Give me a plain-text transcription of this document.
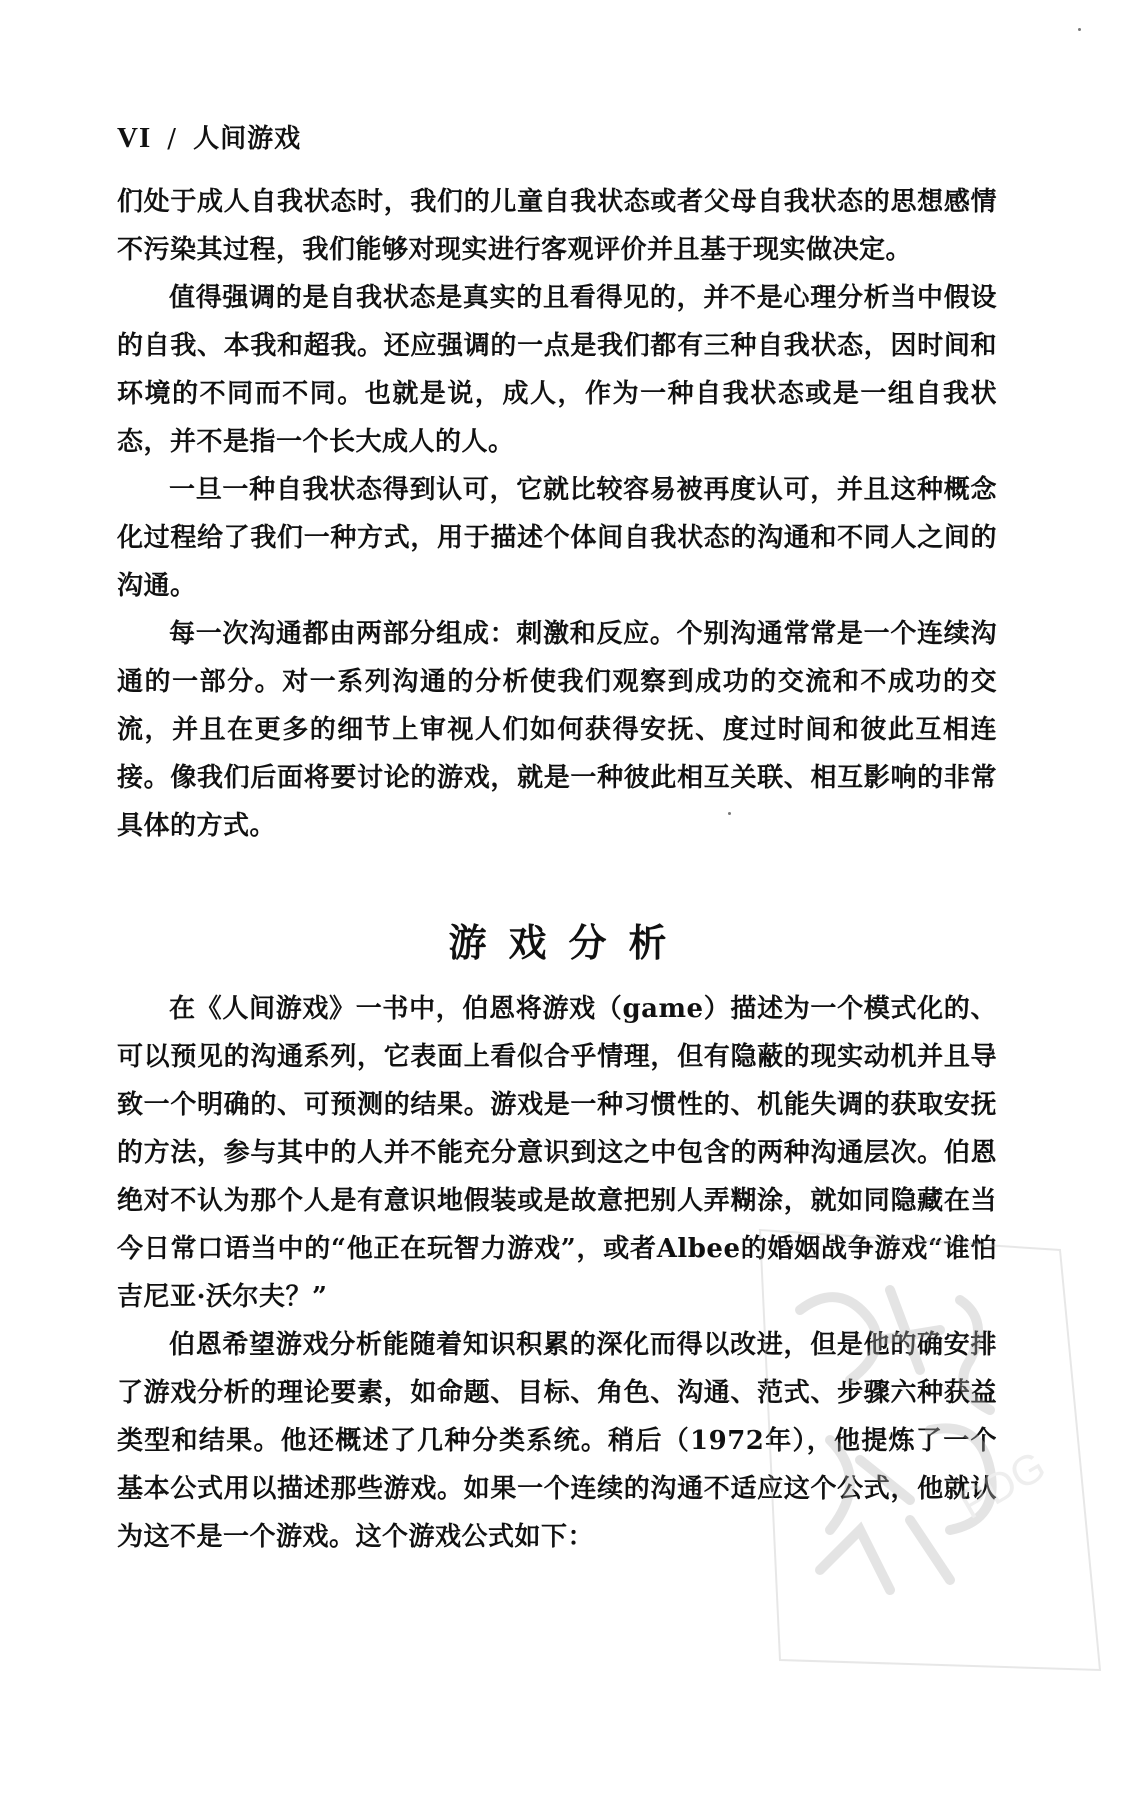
VI / 人间游戏

们处于成人自我状态时，我们的儿童自我状态或者父母自我状态的思想感情不污染其过程，我们能够对现实进行客观评价并且基于现实做决定。

值得强调的是自我状态是真实的且看得见的，并不是心理分析当中假设的自我、本我和超我。还应强调的一点是我们都有三种自我状态，因时间和环境的不同而不同。也就是说，成人，作为一种自我状态或是一组自我状态，并不是指一个长大成人的人。

一旦一种自我状态得到认可，它就比较容易被再度认可，并且这种概念化过程给了我们一种方式，用于描述个体间自我状态的沟通和不同人之间的沟通。

每一次沟通都由两部分组成：刺激和反应。个别沟通常常是一个连续沟通的一部分。对一系列沟通的分析使我们观察到成功的交流和不成功的交流，并且在更多的细节上审视人们如何获得安抚、度过时间和彼此互相连接。像我们后面将要讨论的游戏，就是一种彼此相互关联、相互影响的非常具体的方式。

游戏分析

在《人间游戏》一书中，伯恩将游戏（game）描述为一个模式化的、可以预见的沟通系列，它表面上看似合乎情理，但有隐蔽的现实动机并且导致一个明确的、可预测的结果。游戏是一种习惯性的、机能失调的获取安抚的方法，参与其中的人并不能充分意识到这之中包含的两种沟通层次。伯恩绝对不认为那个人是有意识地假装或是故意把别人弄糊涂，就如同隐藏在当今日常口语当中的“他正在玩智力游戏”，或者Albee的婚姻战争游戏“谁怕吉尼亚·沃尔夫？”

伯恩希望游戏分析能随着知识积累的深化而得以改进，但是他的确安排了游戏分析的理论要素，如命题、目标、角色、沟通、范式、步骤六种获益类型和结果。他还概述了几种分类系统。稍后（1972年），他提炼了一个基本公式用以描述那些游戏。如果一个连续的沟通不适应这个公式，他就认为这不是一个游戏。这个游戏公式如下：

PDG
